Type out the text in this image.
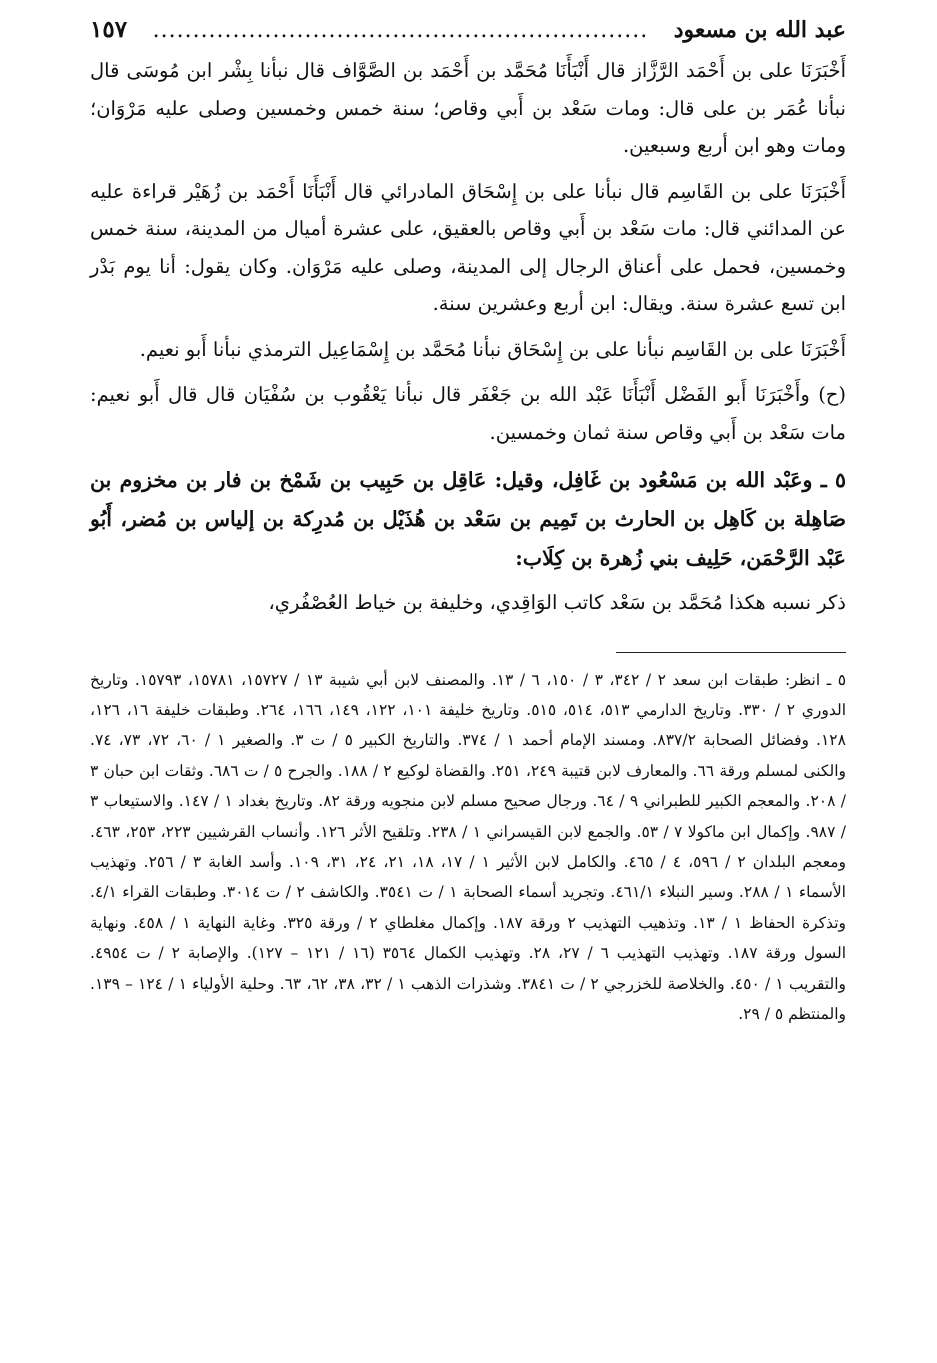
عبد الله بن مسعود
..............................................................
١٥٧

أَخْبَرَنَا على بن أَحْمَد الرَّزَّاز قال أَنْبَأَنَا مُحَمَّد بن أَحْمَد بن الصَّوَّاف قال نبأنا بِشْر ابن مُوسَى قال نبأنا عُمَر بن على قال: ومات سَعْد بن أَبي وقاص؛ سنة خمس وخمسين وصلى عليه مَرْوَان؛ ومات وهو ابن أربع وسبعين.

أَخْبَرَنَا على بن القَاسِم قال نبأنا على بن إِسْحَاق المادرائي قال أَنْبَأَنَا أَحْمَد بن زُهَيْر قراءة عليه عن المدائني قال: مات سَعْد بن أَبي وقاص بالعقيق، على عشرة أميال من المدينة، سنة خمس وخمسين، فحمل على أعناق الرجال إلى المدينة، وصلى عليه مَرْوَان. وكان يقول: أنا يوم بَدْر ابن تسع عشرة سنة. ويقال: ابن أربع وعشرين سنة.

أَخْبَرَنَا على بن القَاسِم نبأنا على بن إِسْحَاق نبأنا مُحَمَّد بن إِسْمَاعِيل الترمذي نبأنا أَبو نعيم.

(ح) وأَخْبَرَنَا أَبو الفَضْل أَنْبَأَنَا عَبْد الله بن جَعْفَر قال نبأنا يَعْقُوب بن سُفْيَان قال قال أَبو نعيم: مات سَعْد بن أَبي وقاص سنة ثمان وخمسين.

٥ ـ وعَبْد الله بن مَسْعُود بن غَافِل، وقيل: عَاقِل بن حَبِيب بن شَمْخ بن فار بن مخزوم بن صَاهِلة بن كَاهِل بن الحارث بن تَمِيم بن سَعْد بن هُذَيْل بن مُدرِكة بن إلياس بن مُضر، أَبُو عَبْد الرَّحْمَن، حَلِيف بني زُهرة بن كِلَاب:

ذكر نسبه هكذا مُحَمَّد بن سَعْد كاتب الوَاقِدي، وخليفة بن خياط العُصْفُري،

٥ ـ انظر: طبقات ابن سعد ٢ / ٣٤٢، ٣ / ١٥٠، ٦ / ١٣. والمصنف لابن أبي شيبة ١٣ / ١٥٧٢٧، ١٥٧٨١، ١٥٧٩٣. وتاريخ الدوري ٢ / ٣٣٠. وتاريخ الدارمي ٥١٣، ٥١٤، ٥١٥. وتاريخ خليفة ١٠١، ١٢٢، ١٤٩، ١٦٦، ٢٦٤. وطبقات خليفة ١٦، ١٢٦، ١٢٨. وفضائل الصحابة ٨٣٧/٢. ومسند الإمام أحمد ١ / ٣٧٤. والتاريخ الكبير ٥ / ت ٣. والصغير ١ / ٦٠، ٧٢، ٧٣، ٧٤. والكنى لمسلم ورقة ٦٦. والمعارف لابن قتيبة ٢٤٩، ٢٥١. والقضاة لوكيع ٢ / ١٨٨. والجرح ٥ / ت ٦٨٦. وثقات ابن حبان ٣ / ٢٠٨. والمعجم الكبير للطبراني ٩ / ٦٤. ورجال صحيح مسلم لابن منجويه ورقة ٨٢. وتاريخ بغداد ١ / ١٤٧. والاستيعاب ٣ / ٩٨٧. وإكمال ابن ماكولا ٧ / ٥٣. والجمع لابن القيسراني ١ / ٢٣٨. وتلقيح الأثر ١٢٦. وأنساب القرشيين ٢٢٣، ٢٥٣، ٤٦٣. ومعجم البلدان ٢ / ٥٩٦، ٤ / ٤٦٥. والكامل لابن الأثير ١ / ١٧، ١٨، ٢١، ٢٤، ٣١، ١٠٩. وأسد الغابة ٣ / ٢٥٦. وتهذيب الأسماء ١ / ٢٨٨. وسير النبلاء ٤٦١/١. وتجريد أسماء الصحابة ١ / ت ٣٥٤١. والكاشف ٢ / ت ٣٠١٤. وطبقات القراء ٤/١. وتذكرة الحفاظ ١ / ١٣. وتذهيب التهذيب ٢ ورقة ١٨٧. وإكمال مغلطاي ٢ / ورقة ٣٢٥. وغاية النهاية ١ / ٤٥٨. ونهاية السول ورقة ١٨٧. وتهذيب التهذيب ٦ / ٢٧، ٢٨. وتهذيب الكمال ٣٥٦٤ (١٦ / ١٢١ – ١٢٧). والإصابة ٢ / ت ٤٩٥٤. والتقريب ١ / ٤٥٠. والخلاصة للخزرجي ٢ / ت ٣٨٤١. وشذرات الذهب ١ / ٣٢، ٣٨، ٦٢، ٦٣. وحلية الأولياء ١ / ١٢٤ – ١٣٩. والمنتظم ٥ / ٢٩.
